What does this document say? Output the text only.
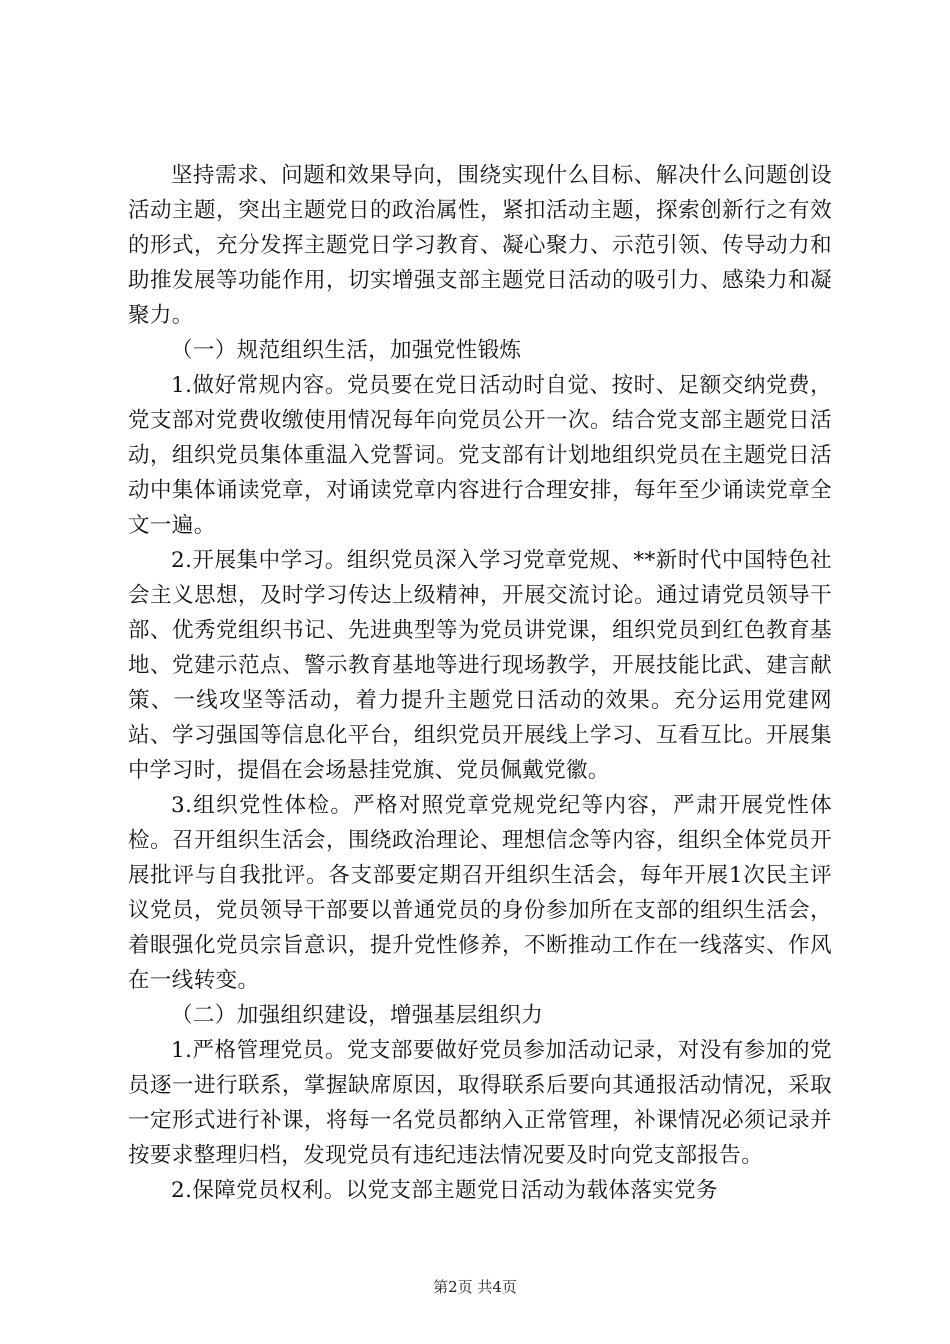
坚持需求、问题和效果导向，围绕实现什么目标、解决什么问题创设活动主题，突出主题党日的政治属性，紧扣活动主题，探索创新行之有效的形式，充分发挥主题党日学习教育、凝心聚力、示范引领、传导动力和助推发展等功能作用，切实增强支部主题党日活动的吸引力、感染力和凝聚力。

（一）规范组织生活，加强党性锻炼

1.做好常规内容。党员要在党日活动时自觉、按时、足额交纳党费，党支部对党费收缴使用情况每年向党员公开一次。结合党支部主题党日活动，组织党员集体重温入党誓词。党支部有计划地组织党员在主题党日活动中集体诵读党章，对诵读党章内容进行合理安排，每年至少诵读党章全文一遍。

2.开展集中学习。组织党员深入学习党章党规、**新时代中国特色社会主义思想，及时学习传达上级精神，开展交流讨论。通过请党员领导干部、优秀党组织书记、先进典型等为党员讲党课，组织党员到红色教育基地、党建示范点、警示教育基地等进行现场教学，开展技能比武、建言献策、一线攻坚等活动，着力提升主题党日活动的效果。充分运用党建网站、学习强国等信息化平台，组织党员开展线上学习、互看互比。开展集中学习时，提倡在会场悬挂党旗、党员佩戴党徽。

3.组织党性体检。严格对照党章党规党纪等内容，严肃开展党性体检。召开组织生活会，围绕政治理论、理想信念等内容，组织全体党员开展批评与自我批评。各支部要定期召开组织生活会，每年开展1次民主评议党员，党员领导干部要以普通党员的身份参加所在支部的组织生活会，着眼强化党员宗旨意识，提升党性修养，不断推动工作在一线落实、作风在一线转变。

（二）加强组织建设，增强基层组织力

1.严格管理党员。党支部要做好党员参加活动记录，对没有参加的党员逐一进行联系，掌握缺席原因，取得联系后要向其通报活动情况，采取一定形式进行补课，将每一名党员都纳入正常管理，补课情况必须记录并按要求整理归档，发现党员有违纪违法情况要及时向党支部报告。

2.保障党员权利。以党支部主题党日活动为载体落实党务

第2页 共4页
